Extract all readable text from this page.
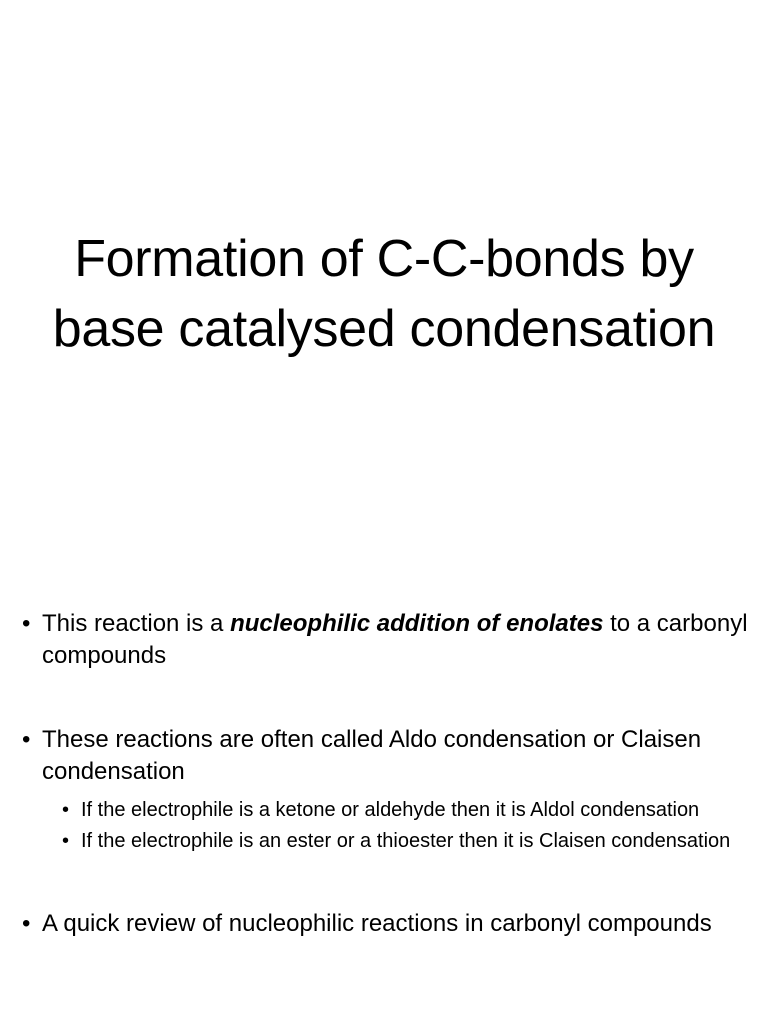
Formation of C-C-bonds by
base catalysed condensation
• This reaction is a nucleophilic addition of enolates to a carbonyl compounds
• These reactions are often called Aldo condensation or Claisen condensation
• If the electrophile is a ketone or aldehyde then it is Aldol condensation
• If the electrophile is an ester or a thioester then it is Claisen condensation
• A quick review of nucleophilic reactions in carbonyl compounds
